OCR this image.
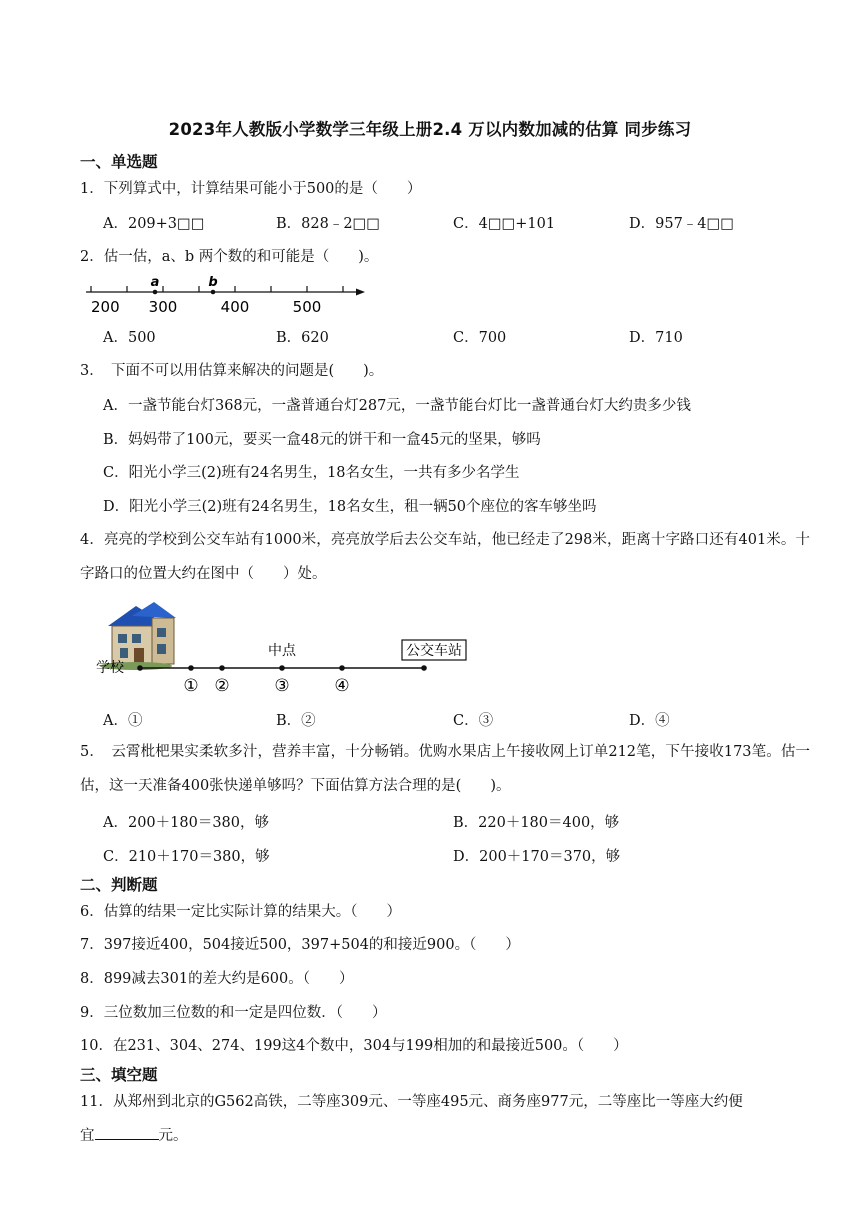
2023年人教版小学数学三年级上册2.4 万以内数加减的估算 同步练习
一、单选题
1．下列算式中，计算结果可能小于500的是（　　）
A．209+3□□	B．828﹣2□□	C．4□□+101	D．957﹣4□□
2．估一估，a、b 两个数的和可能是（　　)。
a	b
200 300	400	500
A．500	B．620	C．700	D．710
3．　下面不可以用估算来解决的问题是(　　)。
A．一盏节能台灯368元，一盏普通台灯287元，一盏节能台灯比一盏普通台灯大约贵多少钱
B．妈妈带了100元，要买一盒48元的饼干和一盒45元的坚果，够吗
C．阳光小学三(2)班有24名男生，18名女生，一共有多少名学生
D．阳光小学三(2)班有24名男生，18名女生，租一辆50个座位的客车够坐吗
4．亮亮的学校到公交车站有1000米，亮亮放学后去公交车站，他已经走了298米，距离十字路口还有401米。十字路口的位置大约在图中（　　）处。
学校
中点	公交车站
① ②	③	④
A．①	B．②	C．③	D．④
5．　云霄枇杷果实柔软多汁，营养丰富，十分畅销。优购水果店上午接收网上订单212笔，下午接收173笔。估一估，这一天准备400张快递单够吗？下面估算方法合理的是(　　)。
A．200＋180＝380，够	B．220＋180＝400，够
C．210＋170＝380，够	D．200＋170＝370，够
二、判断题
6．估算的结果一定比实际计算的结果大。（　　）
7．397接近400，504接近500，397+504的和接近900。（　　）
8．899减去301的差大约是600。（　　）
9．三位数加三位数的和一定是四位数．（　　）
10．在231、304、274、199这4个数中，304与199相加的和最接近500。（　　）
三、填空题
11．从郑州到北京的G562高铁，二等座309元、一等座495元、商务座977元，二等座比一等座大约便
宜	元。
